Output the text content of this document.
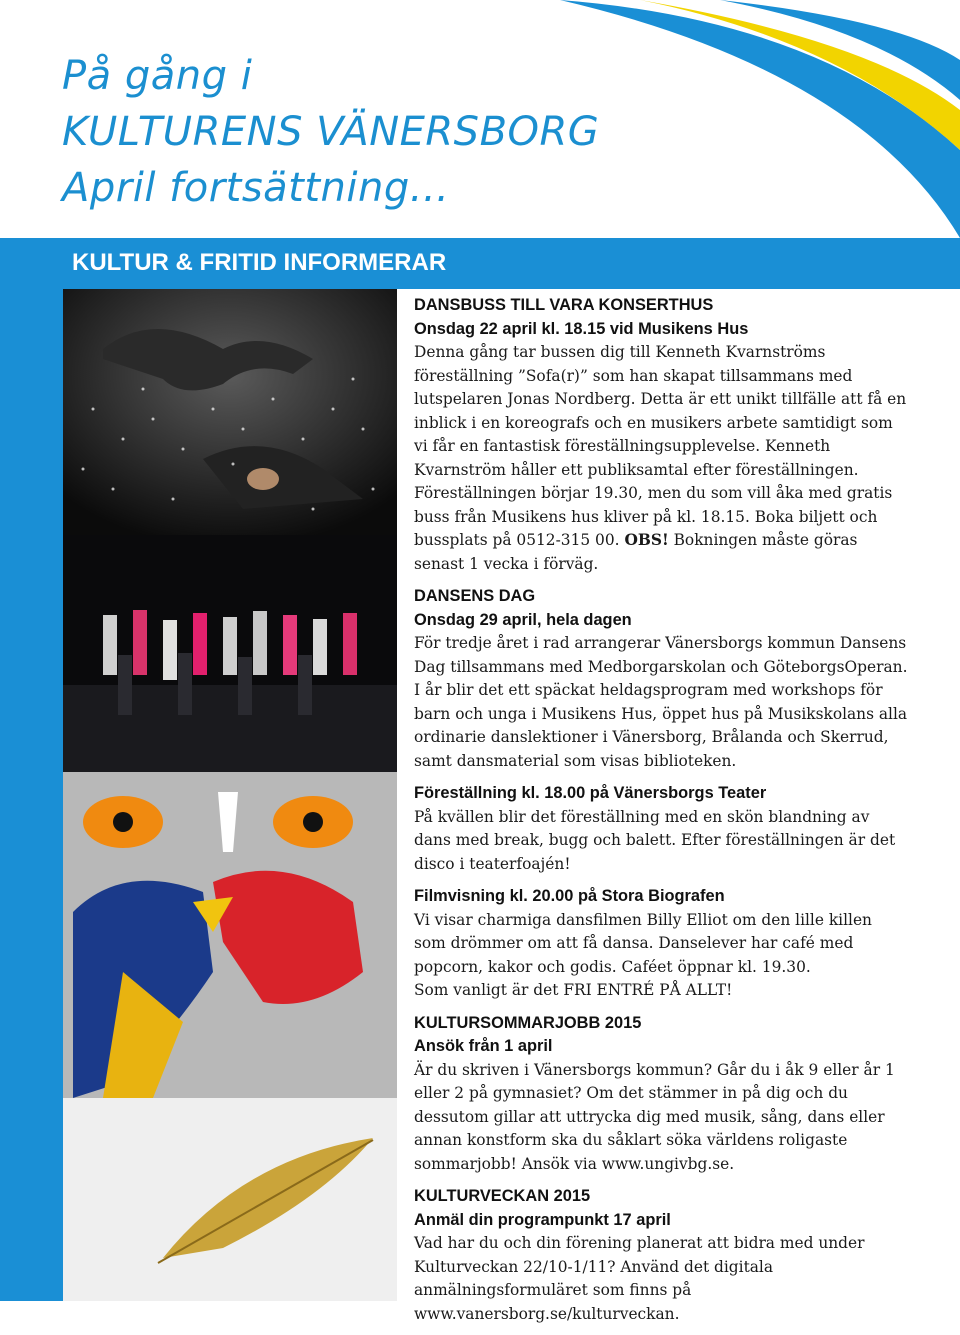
På gång i
KULTURENS VÄNERSBORG
April fortsättning...
KULTUR & FRITID INFORMERAR
DANSBUSS TILL VARA KONSERTHUS
Onsdag 22 april kl. 18.15 vid Musikens Hus

Denna gång tar bussen dig till Kenneth Kvarnströms föreställning ”Sofa(r)” som han skapat tillsammans med lutspelaren Jonas Nordberg. Detta är ett unikt tillfälle att få en inblick i en koreografs och en musikers arbete samtidigt som vi får en fantastisk föreställningsupplevelse. Kenneth Kvarnström håller ett publiksamtal efter föreställningen. Föreställningen börjar 19.30, men du som vill åka med gratis buss från Musikens hus kliver på kl. 18.15. Boka biljett och bussplats på 0512-315 00. OBS! Bokningen måste göras senast 1 vecka i förväg.

DANSENS DAG
Onsdag 29 april, hela dagen

För tredje året i rad arrangerar Vänersborgs kommun Dansens Dag tillsammans med Medborgarskolan och GöteborgsOperan. I år blir det ett späckat heldagsprogram med workshops för barn och unga i Musikens Hus, öppet hus på Musikskolans alla ordinarie danslektioner i Vänersborg, Brålanda och Skerrud, samt dansmaterial som visas biblioteken.

Föreställning kl. 18.00 på Vänersborgs Teater

På kvällen blir det föreställning med en skön blandning av dans med break, bugg och balett. Efter föreställningen är det disco i teaterfoajén!

Filmvisning kl. 20.00 på Stora Biografen

Vi visar charmiga dansfilmen Billy Elliot om den lille killen som drömmer om att få dansa. Danselever har café med popcorn, kakor och godis. Caféet öppnar kl. 19.30.

Som vanligt är det FRI ENTRÉ PÅ ALLT!

KULTURSOMMARJOBB 2015
Ansök från 1 april

Är du skriven i Vänersborgs kommun? Går du i åk 9 eller år 1 eller 2 på gymnasiet? Om det stämmer in på dig och du dessutom gillar att uttrycka dig med musik, sång, dans eller annan konstform ska du såklart söka världens roligaste sommarjobb! Ansök via www.ungivbg.se.

KULTURVECKAN 2015
Anmäl din programpunkt 17 april

Vad har du och din förening planerat att bidra med under Kulturveckan 22/10-1/11? Använd det digitala anmälningsformuläret som finns på www.vanersborg.se/kulturveckan.
